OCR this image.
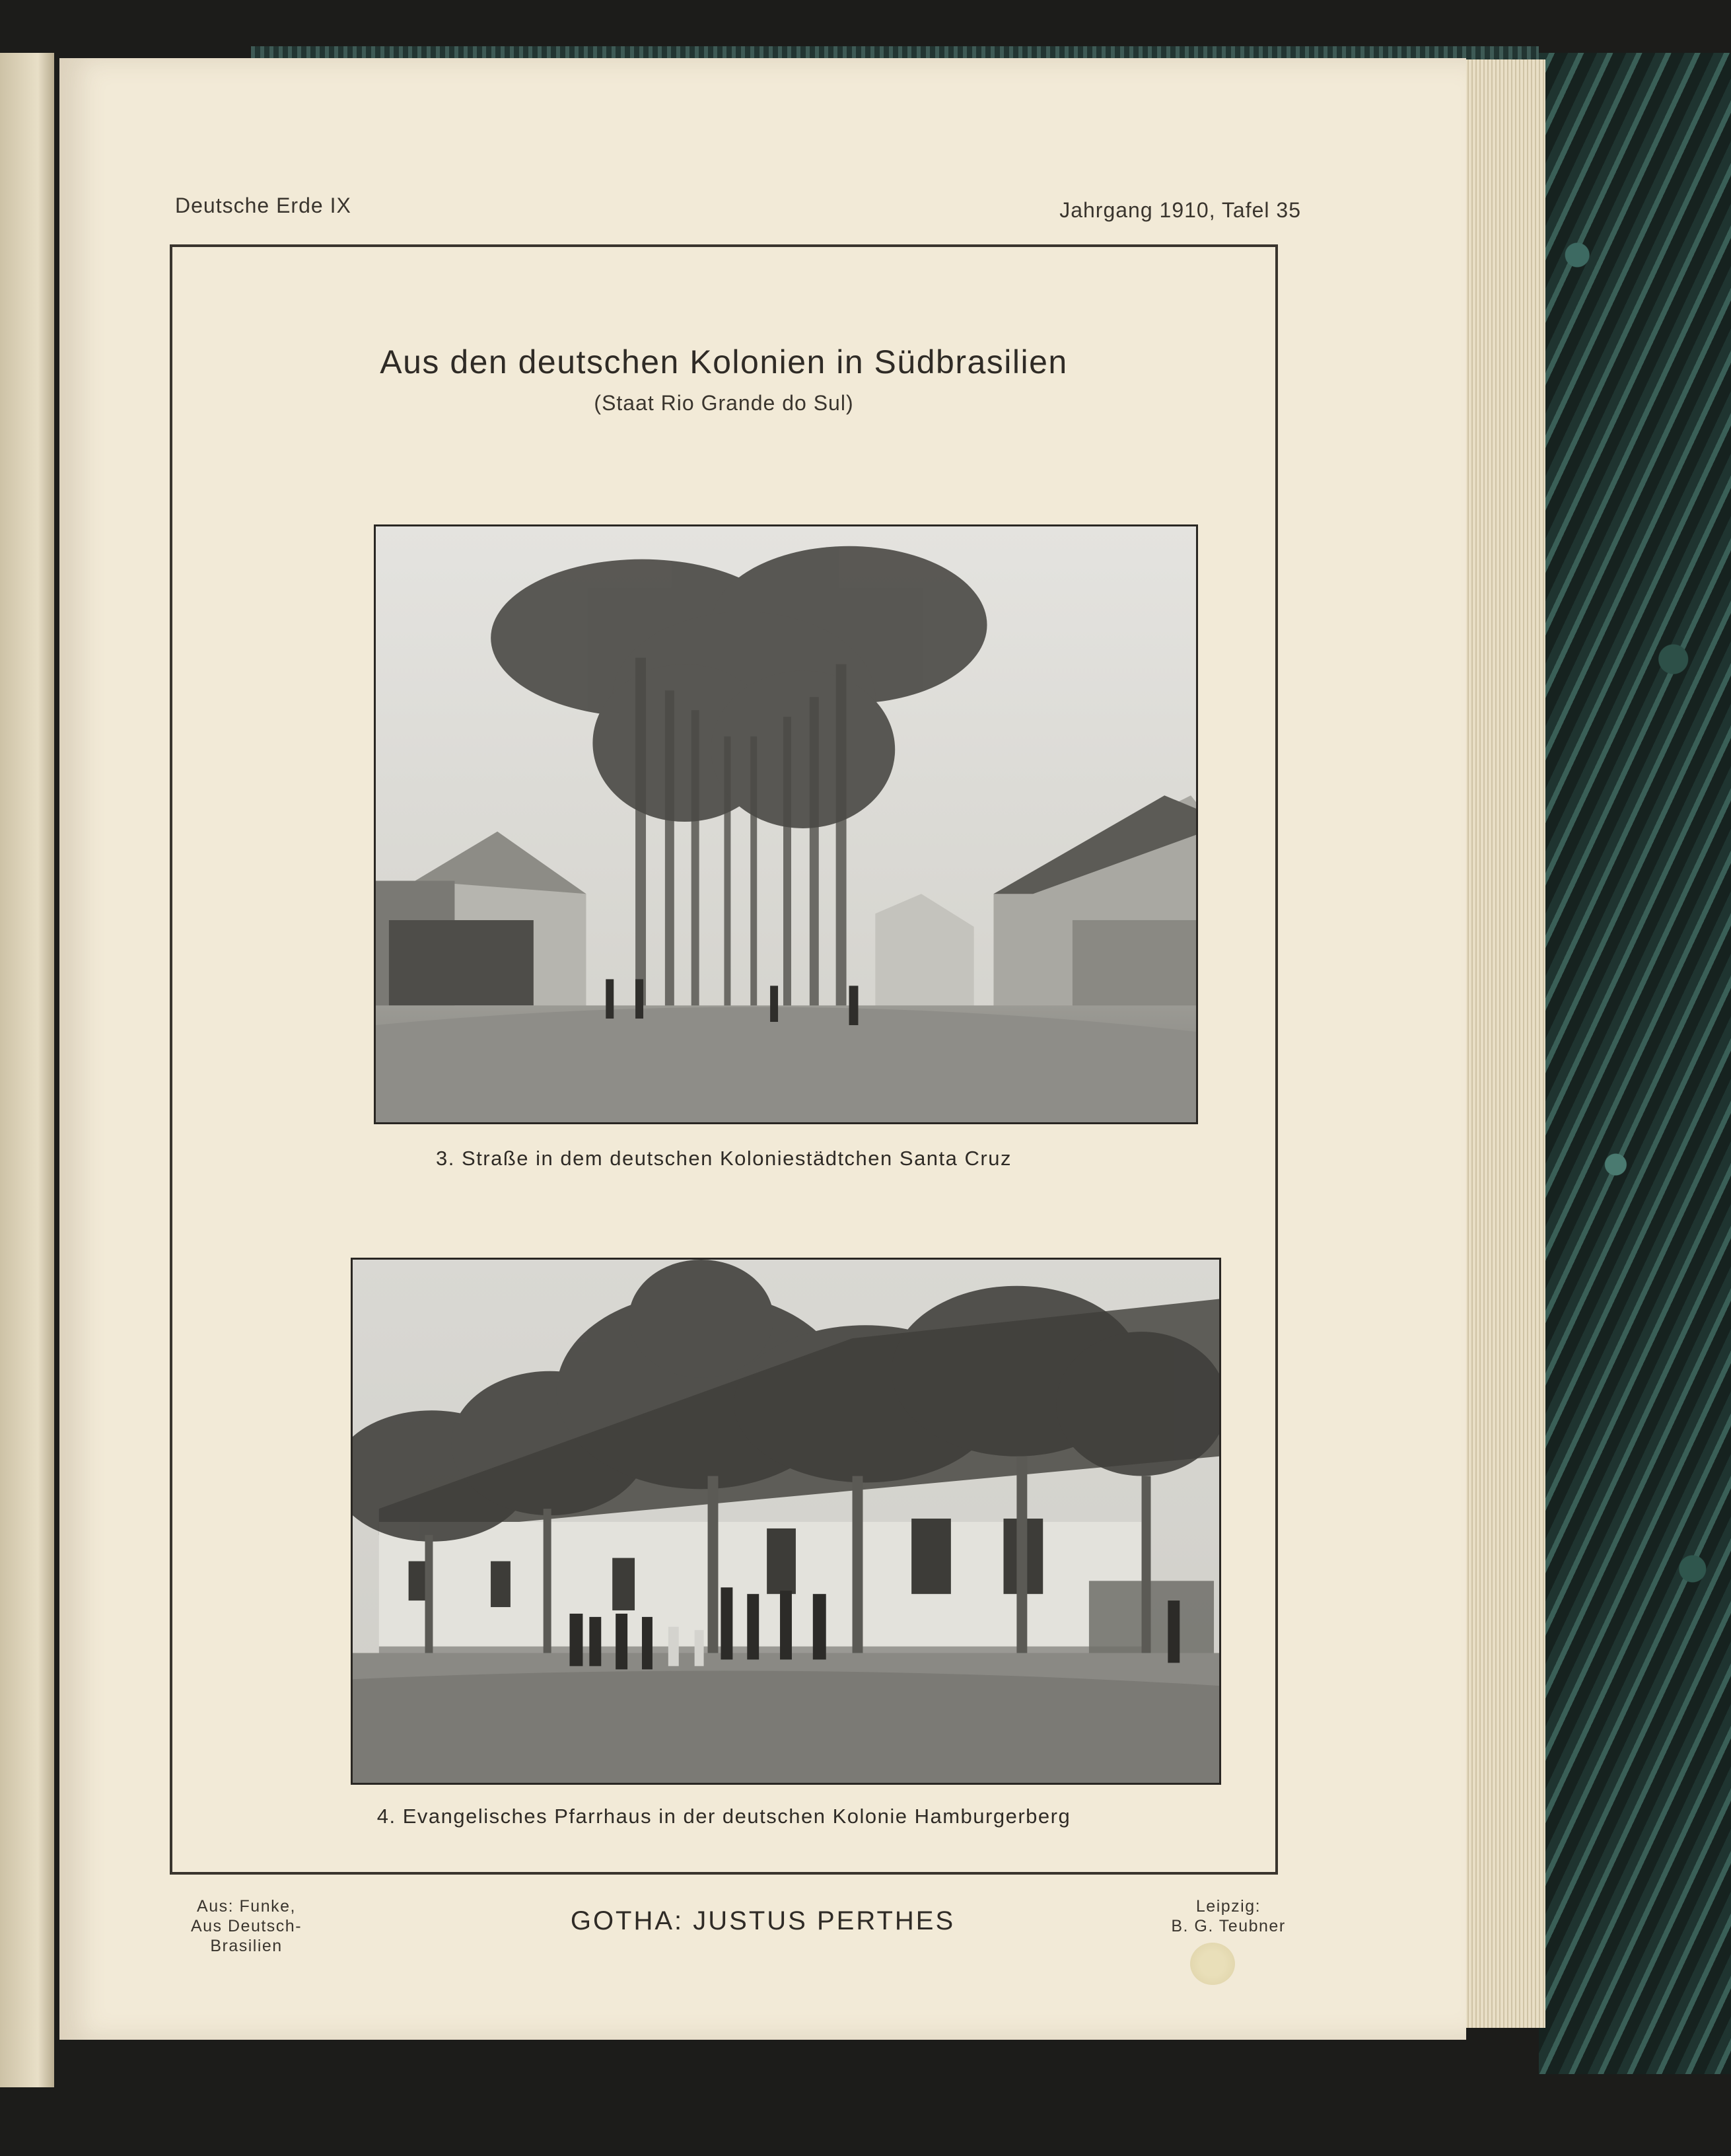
Deutsche Erde IX	Jahrgang 1910, Tafel 35
Aus den deutschen Kolonien in Südbrasilien
(Staat Rio Grande do Sul)
3. Straße in dem deutschen Koloniestädtchen Santa Cruz
4. Evangelisches Pfarrhaus in der deutschen Kolonie Hamburgerberg
Aus: Funke,
Aus Deutsch-Brasilien
GOTHA: JUSTUS PERTHES	Leipzig:
B. G. Teubner
